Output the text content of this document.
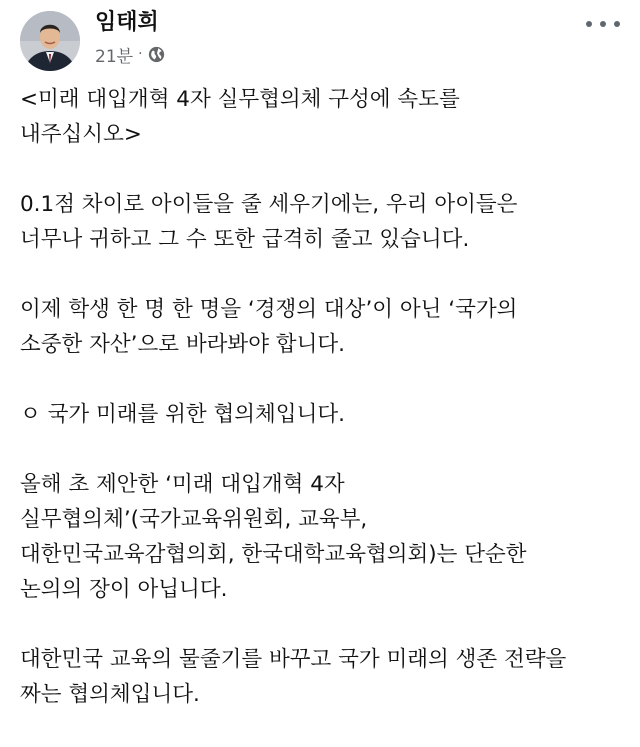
임태희
21분 ·

<미래 대입개혁 4자 실무협의체 구성에 속도를
내주십시오>

0.1점 차이로 아이들을 줄 세우기에는, 우리 아이들은
너무나 귀하고 그 수 또한 급격히 줄고 있습니다.

이제 학생 한 명 한 명을 ‘경쟁의 대상’이 아닌 ‘국가의
소중한 자산’으로 바라봐야 합니다.

ㅇ 국가 미래를 위한 협의체입니다.

올해 초 제안한 ‘미래 대입개혁 4자
실무협의체’(국가교육위원회, 교육부,
대한민국교육감협의회, 한국대학교육협의회)는 단순한
논의의 장이 아닙니다.

대한민국 교육의 물줄기를 바꾸고 국가 미래의 생존 전략을
짜는 협의체입니다.
